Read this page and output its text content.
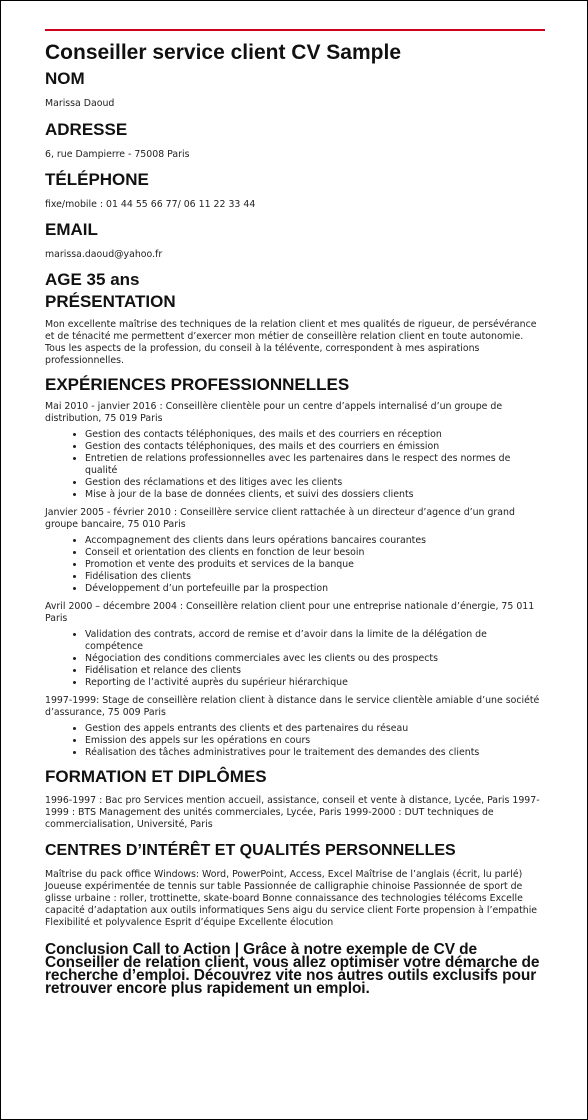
Conseiller service client CV Sample
NOM

Marissa Daoud

ADRESSE

6, rue Dampierre - 75008 Paris

TÉLÉPHONE

fixe/mobile : 01 44 55 66 77/ 06 11 22 33 44

EMAIL

marissa.daoud@yahoo.fr

AGE 35 ans
PRÉSENTATION

Mon excellente maîtrise des techniques de la relation client et mes qualités de rigueur, de persévérance et de ténacité me permettent d’exercer mon métier de conseillère relation client en toute autonomie. Tous les aspects de la profession, du conseil à la télévente, correspondent à mes aspirations professionnelles.

EXPÉRIENCES PROFESSIONNELLES

Mai 2010 - janvier 2016 : Conseillère clientèle pour un centre d’appels internalisé d’un groupe de distribution, 75 019 Paris

• Gestion des contacts téléphoniques, des mails et des courriers en réception
• Gestion des contacts téléphoniques, des mails et des courriers en émission
• Entretien de relations professionnelles avec les partenaires dans le respect des normes de qualité
• Gestion des réclamations et des litiges avec les clients
• Mise à jour de la base de données clients, et suivi des dossiers clients

Janvier 2005 - février 2010 : Conseillère service client rattachée à un directeur d’agence d’un grand groupe bancaire, 75 010 Paris

• Accompagnement des clients dans leurs opérations bancaires courantes
• Conseil et orientation des clients en fonction de leur besoin
• Promotion et vente des produits et services de la banque
• Fidélisation des clients
• Développement d’un portefeuille par la prospection

Avril 2000 – décembre 2004 : Conseillère relation client pour une entreprise nationale d’énergie, 75 011 Paris

• Validation des contrats, accord de remise et d’avoir dans la limite de la délégation de compétence
• Négociation des conditions commerciales avec les clients ou des prospects
• Fidélisation et relance des clients
• Reporting de l’activité auprès du supérieur hiérarchique

1997-1999: Stage de conseillère relation client à distance dans le service clientèle amiable d’une société d’assurance, 75 009 Paris

• Gestion des appels entrants des clients et des partenaires du réseau
• Emission des appels sur les opérations en cours
• Réalisation des tâches administratives pour le traitement des demandes des clients
FORMATION ET DIPLÔMES

1996-1997 : Bac pro Services mention accueil, assistance, conseil et vente à distance, Lycée, Paris 1997-1999 : BTS Management des unités commerciales, Lycée, Paris 1999-2000 : DUT techniques de commercialisation, Université, Paris

CENTRES D’INTÉRÊT ET QUALITÉS PERSONNELLES

Maîtrise du pack office Windows: Word, PowerPoint, Access, Excel Maîtrise de l’anglais (écrit, lu parlé) Joueuse expérimentée de tennis sur table Passionnée de calligraphie chinoise Passionnée de sport de glisse urbaine : roller, trottinette, skate-board Bonne connaissance des technologies télécoms Excelle capacité d’adaptation aux outils informatiques Sens aigu du service client Forte propension à l’empathie Flexibilité et polyvalence Esprit d’équipe Excellente élocution

Conclusion Call to Action | Grâce à notre exemple de CV de Conseiller de relation client, vous allez optimiser votre démarche de recherche d’emploi. Découvrez vite nos autres outils exclusifs pour retrouver encore plus rapidement un emploi.
